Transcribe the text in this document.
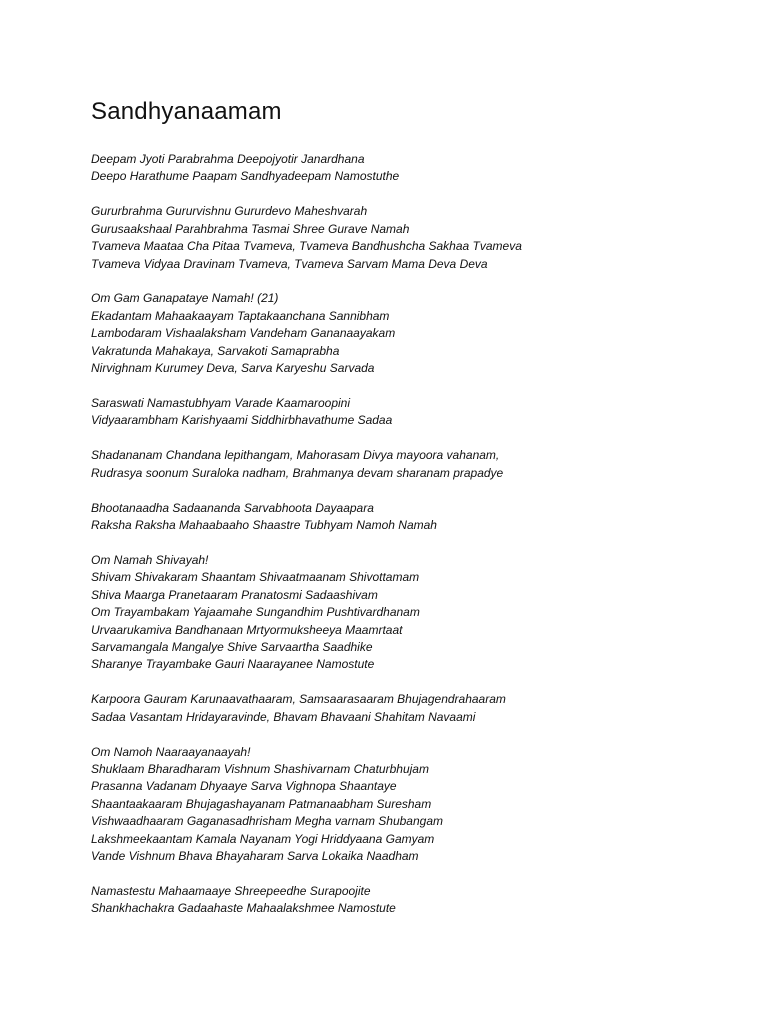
Sandhyanaamam
Deepam Jyoti Parabrahma Deepojyotir Janardhana
Deepo Harathume Paapam Sandhyadeepam Namostuthe
Gururbrahma Gururvishnu Gururdevo Maheshvarah
Gurusaakshaal Parahbrahma Tasmai Shree Gurave Namah
Tvameva Maataa Cha Pitaa Tvameva, Tvameva Bandhushcha Sakhaa Tvameva
Tvameva Vidyaa Dravinam Tvameva, Tvameva Sarvam Mama Deva Deva
Om Gam Ganapataye Namah! (21)
Ekadantam Mahaakaayam Taptakaanchana Sannibham
Lambodaram Vishaalaksham Vandeham Gananaayakam
Vakratunda Mahakaya, Sarvakoti Samaprabha
Nirvighnam Kurumey Deva, Sarva Karyeshu Sarvada
Saraswati Namastubhyam Varade Kaamaroopini
Vidyaarambham Karishyaami Siddhirbhavathume Sadaa
Shadananam Chandana lepithangam, Mahorasam Divya mayoora vahanam,
Rudrasya soonum Suraloka nadham, Brahmanya devam sharanam prapadye
Bhootanaadha Sadaananda Sarvabhoota Dayaapara
Raksha Raksha Mahaabaaho Shaastre Tubhyam Namoh Namah
Om Namah Shivayah!
Shivam Shivakaram Shaantam Shivaatmaanam Shivottamam
Shiva Maarga Pranetaaram Pranatosmi Sadaashivam
Om Trayambakam Yajaamahe Sungandhim Pushtivardhanam
Urvaarukamiva Bandhanaan Mrtyormuksheeya Maamrtaat
Sarvamangala Mangalye Shive Sarvaartha Saadhike
Sharanye Trayambake Gauri Naarayanee Namostute
Karpoora Gauram Karunaavathaaram, Samsaarasaaram Bhujagendrahaaram
Sadaa Vasantam Hridayaravinde, Bhavam Bhavaani Shahitam Navaami
Om Namoh Naaraayanaayah!
Shuklaam Bharadharam Vishnum Shashivarnam Chaturbhujam
Prasanna Vadanam Dhyaaye Sarva Vighnopa Shaantaye
Shaantaakaaram Bhujagashayanam Patmanaabham Suresham
Vishwaadhaaram Gaganasadhrisham Megha varnam Shubangam
Lakshmeekaantam Kamala Nayanam Yogi Hriddyaana Gamyam
Vande Vishnum Bhava Bhayaharam Sarva Lokaika Naadham
Namastestu Mahaamaaye Shreepeedhe Surapoojite
Shankhachakra Gadaahaste Mahaalakshmee Namostute
